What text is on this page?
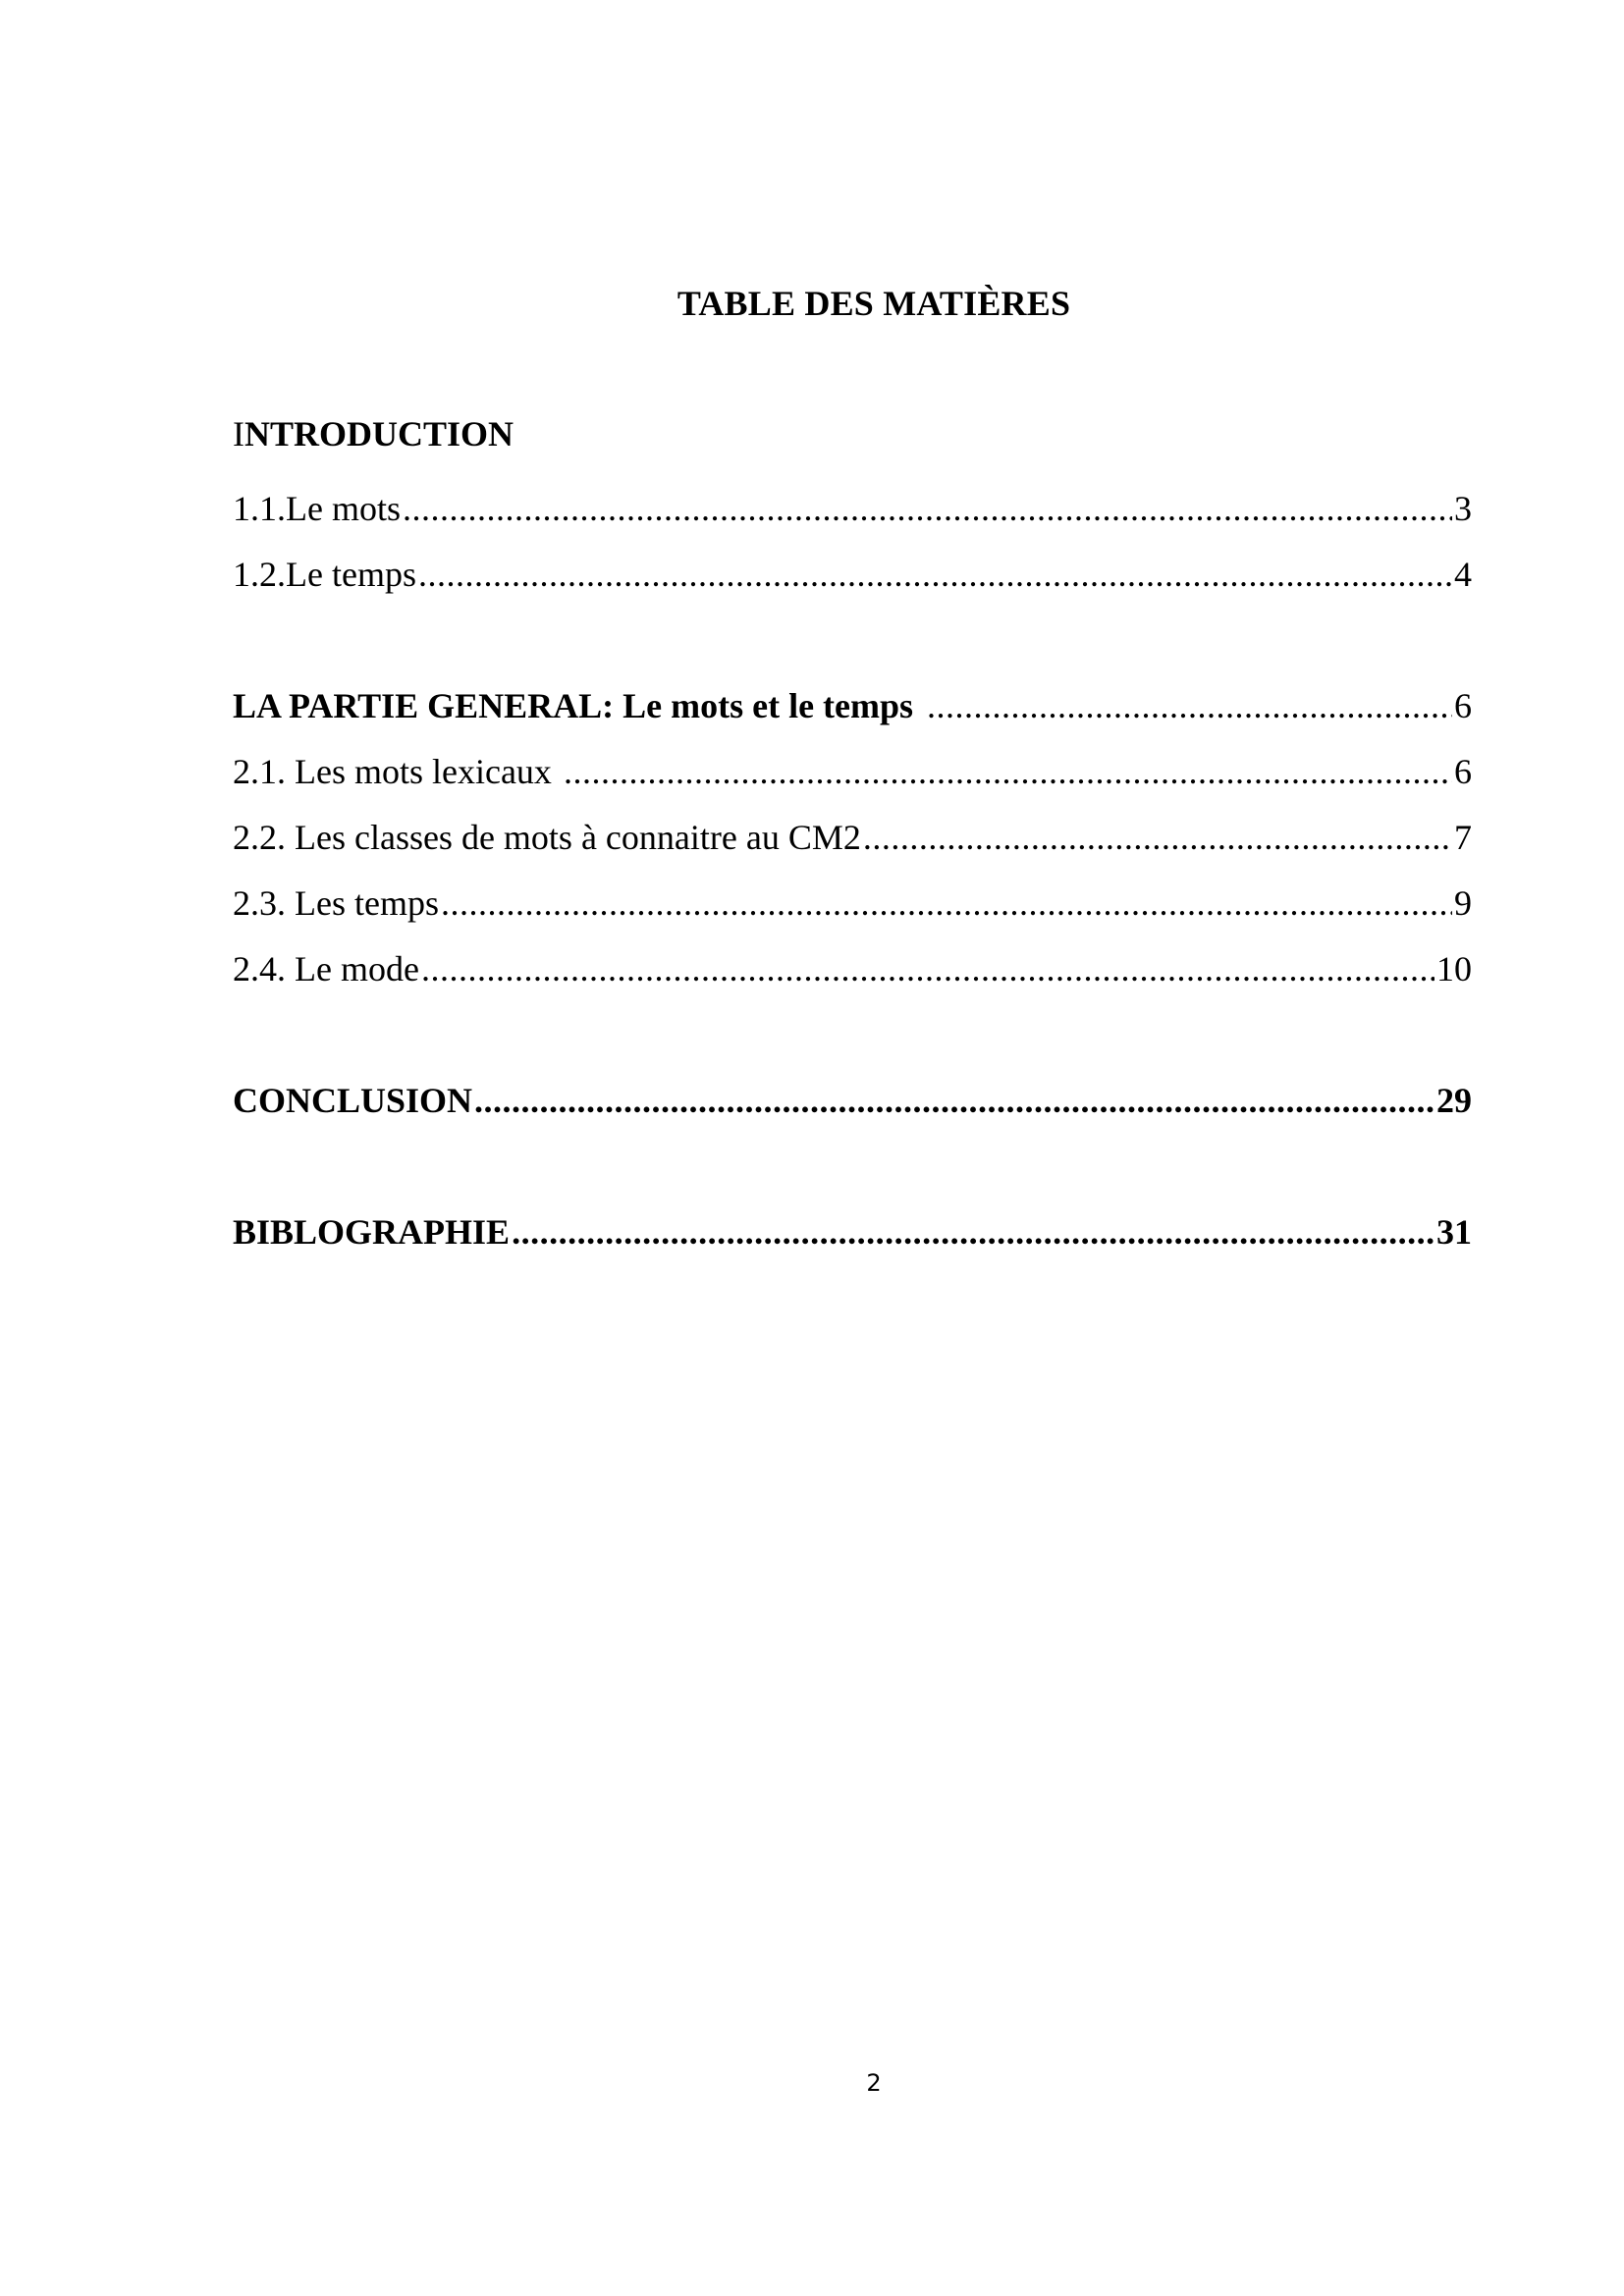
TABLE DES MATIÈRES
INTRODUCTION
1.1.Le mots .....	3
1.2.Le temps .....	4
LA PARTIE GENERAL: Le mots et le temps .....	6
2.1. Les mots lexicaux .....	6
2.2. Les classes de mots à connaitre au CM2 .....	7
2.3. Les temps .....	9
2.4. Le mode .....	10
CONCLUSION .....	29
BIBLOGRAPHIE .....	31
2
